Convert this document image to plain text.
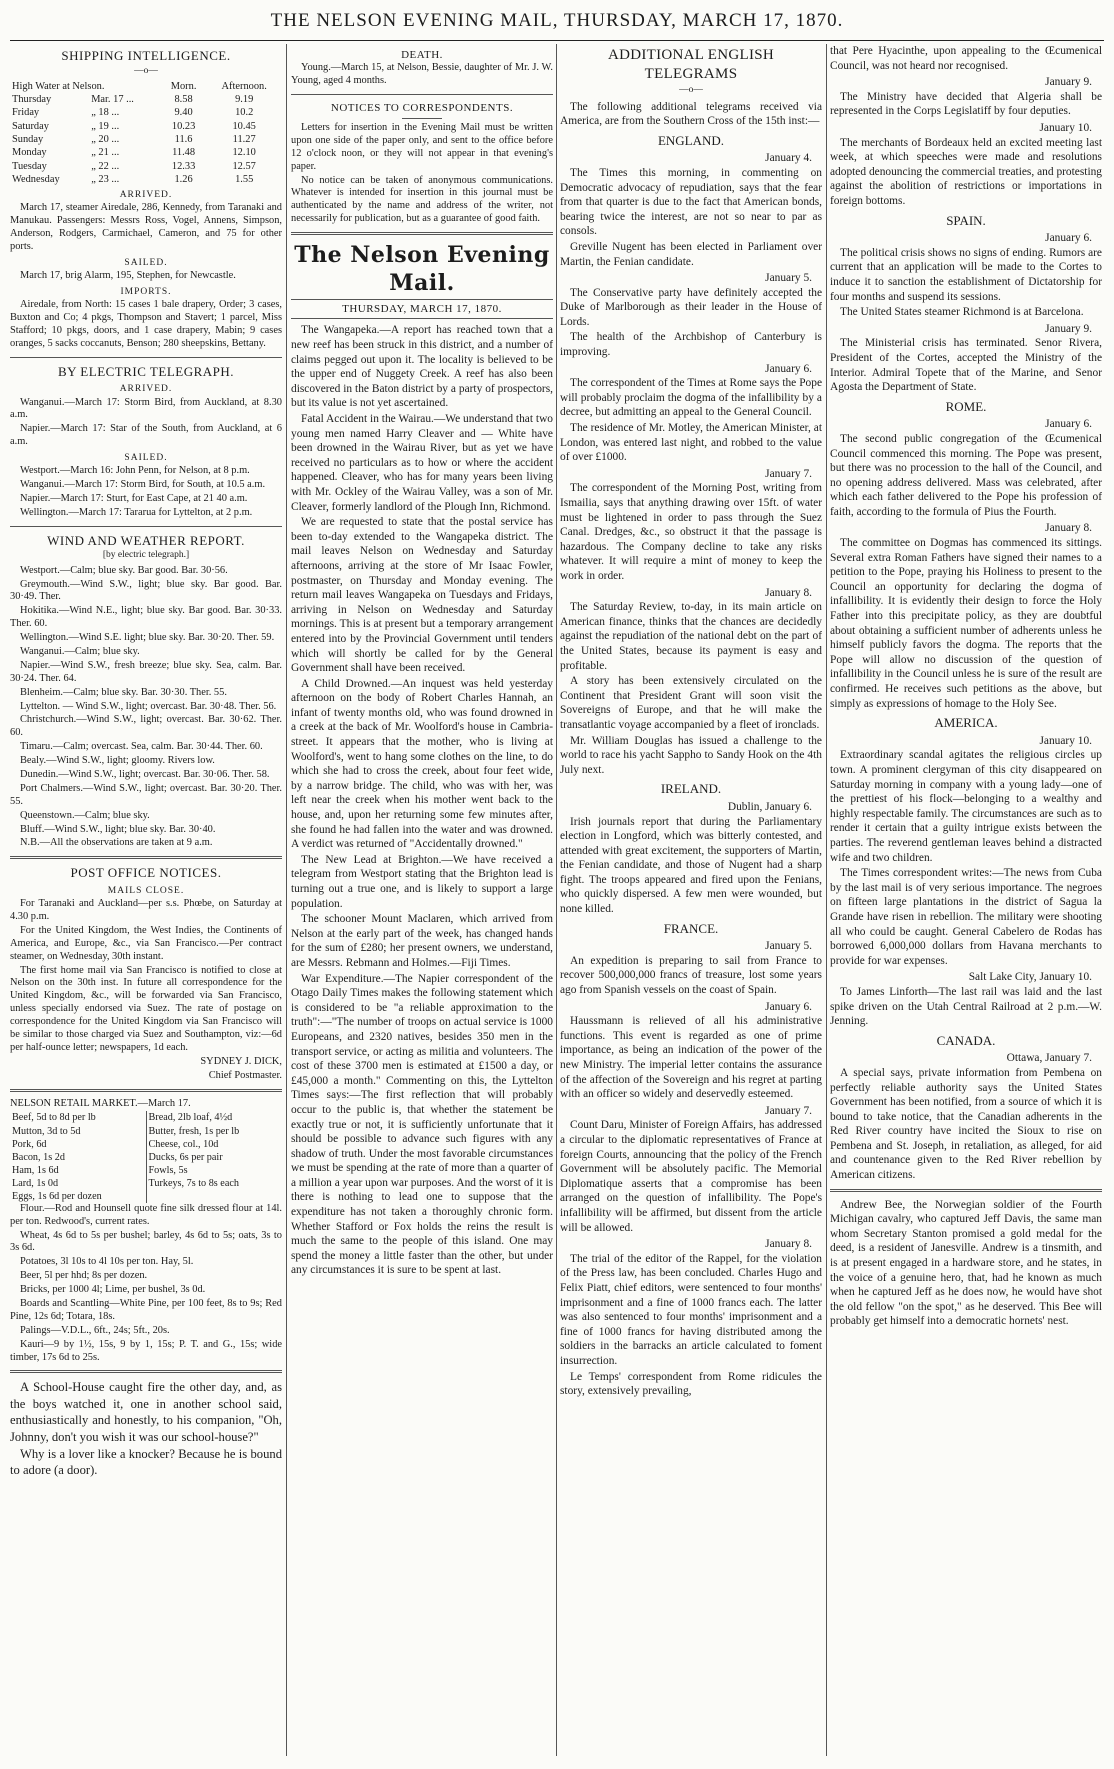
THE NELSON EVENING MAIL, THURSDAY, MARCH 17, 1870.
SHIPPING INTELLIGENCE.
—o—
High Water at Nelson.		Morn.	Afternoon.
Thursday	Mar. 17 ...	8.58	9.19
Friday	„ 18 ...	9.40	10.2
Saturday	„ 19 ...	10.23	10.45
Sunday	„ 20 ...	11.6	11.27
Monday	„ 21 ...	11.48	12.10
Tuesday	„ 22 ...	12.33	12.57
Wednesday	„ 23 ...	1.26	1.55
ARRIVED.

March 17, steamer Airedale, 286, Kennedy, from Taranaki and Manukau. Passengers: Messrs Ross, Vogel, Annens, Simpson, Anderson, Rodgers, Carmichael, Cameron, and 75 for other ports.

SAILED.

March 17, brig Alarm, 195, Stephen, for Newcastle.

IMPORTS.

Airedale, from North: 15 cases 1 bale drapery, Order; 3 cases, Buxton and Co; 4 pkgs, Thompson and Stavert; 1 parcel, Miss Stafford; 10 pkgs, doors, and 1 case drapery, Mabin; 9 cases oranges, 5 sacks coccanuts, Benson; 280 sheepskins, Bettany.

BY ELECTRIC TELEGRAPH.
ARRIVED.

Wanganui.—March 17: Storm Bird, from Auckland, at 8.30 a.m.

Napier.—March 17: Star of the South, from Auckland, at 6 a.m.

SAILED.

Westport.—March 16: John Penn, for Nelson, at 8 p.m.

Wanganui.—March 17: Storm Bird, for South, at 10.5 a.m.

Napier.—March 17: Sturt, for East Cape, at 21 40 a.m.

Wellington.—March 17: Tararua for Lyttelton, at 2 p.m.

WIND AND WEATHER REPORT.
[by electric telegraph.]

Westport.—Calm; blue sky. Bar good. Bar. 30·56.

Greymouth.—Wind S.W., light; blue sky. Bar good. Bar. 30·49. Ther.

Hokitika.—Wind N.E., light; blue sky. Bar good. Bar. 30·33. Ther. 60.

Wellington.—Wind S.E. light; blue sky. Bar. 30·20. Ther. 59.

Wanganui.—Calm; blue sky.

Napier.—Wind S.W., fresh breeze; blue sky. Sea, calm. Bar. 30·24. Ther. 64.

Blenheim.—Calm; blue sky. Bar. 30·30. Ther. 55.

Lyttelton. — Wind S.W., light; overcast. Bar. 30·48. Ther. 56.

Christchurch.—Wind S.W., light; overcast. Bar. 30·62. Ther. 60.

Timaru.—Calm; overcast. Sea, calm. Bar. 30·44. Ther. 60.

Bealy.—Wind S.W., light; gloomy. Rivers low.

Dunedin.—Wind S.W., light; overcast. Bar. 30·06. Ther. 58.

Port Chalmers.—Wind S.W., light; overcast. Bar. 30·20. Ther. 55.

Queenstown.—Calm; blue sky.

Bluff.—Wind S.W., light; blue sky. Bar. 30·40.

N.B.—All the observations are taken at 9 a.m.

POST OFFICE NOTICES.
MAILS CLOSE.

For Taranaki and Auckland—per s.s. Phœbe, on Saturday at 4.30 p.m.

For the United Kingdom, the West Indies, the Continents of America, and Europe, &c., via San Francisco.—Per contract steamer, on Wednesday, 30th instant.

The first home mail via San Francisco is notified to close at Nelson on the 30th inst. In future all correspondence for the United Kingdom, &c., will be forwarded via San Francisco, unless specially endorsed via Suez. The rate of postage on correspondence for the United Kingdom via San Francisco will be similar to those charged via Suez and Southampton, viz:—6d per half-ounce letter; newspapers, 1d each.

SYDNEY J. DICK,

Chief Postmaster.

NELSON RETAIL MARKET.—March 17.

Beef, 5d to 8d per lb	Bread, 2lb loaf, 4½d
Mutton, 3d to 5d	Butter, fresh, 1s per lb
Pork, 6d	Cheese, col., 10d
Bacon, 1s 2d	Ducks, 6s per pair
Ham, 1s 6d	Fowls, 5s
Lard, 1s 0d	Turkeys, 7s to 8s each
Eggs, 1s 6d per dozen	

Flour.—Rod and Hounsell quote fine silk dressed flour at 14l. per ton. Redwood's, current rates.

Wheat, 4s 6d to 5s per bushel; barley, 4s 6d to 5s; oats, 3s to 3s 6d.

Potatoes, 3l 10s to 4l 10s per ton. Hay, 5l.

Beer, 5l per hhd; 8s per dozen.

Bricks, per 1000 4l; Lime, per bushel, 3s 0d.

Boards and Scantling—White Pine, per 100 feet, 8s to 9s; Red Pine, 12s 6d; Totara, 18s.

Palings—V.D.L., 6ft., 24s; 5ft., 20s.

Kauri—9 by 1½, 15s, 9 by 1, 15s; P. T. and G., 15s; wide timber, 17s 6d to 25s.

A School-House caught fire the other day, and, as the boys watched it, one in another school said, enthusiastically and honestly, to his companion, "Oh, Johnny, don't you wish it was our school-house?"

Why is a lover like a knocker? Because he is bound to adore (a door).

DEATH.

Young.—March 15, at Nelson, Bessie, daughter of Mr. J. W. Young, aged 4 months.

NOTICES TO CORRESPONDENTS.

Letters for insertion in the Evening Mail must be written upon one side of the paper only, and sent to the office before 12 o'clock noon, or they will not appear in that evening's paper.

No notice can be taken of anonymous communications. Whatever is intended for insertion in this journal must be authenticated by the name and address of the writer, not necessarily for publication, but as a guarantee of good faith.

The Nelson Evening Mail.
THURSDAY, MARCH 17, 1870.

The Wangapeka.—A report has reached town that a new reef has been struck in this district, and a number of claims pegged out upon it. The locality is believed to be the upper end of Nuggety Creek. A reef has also been discovered in the Baton district by a party of prospectors, but its value is not yet ascertained.

Fatal Accident in the Wairau.—We understand that two young men named Harry Cleaver and — White have been drowned in the Wairau River, but as yet we have received no particulars as to how or where the accident happened. Cleaver, who has for many years been living with Mr. Ockley of the Wairau Valley, was a son of Mr. Cleaver, formerly landlord of the Plough Inn, Richmond.

We are requested to state that the postal service has been to-day extended to the Wangapeka district. The mail leaves Nelson on Wednesday and Saturday afternoons, arriving at the store of Mr Isaac Fowler, postmaster, on Thursday and Monday evening. The return mail leaves Wangapeka on Tuesdays and Fridays, arriving in Nelson on Wednesday and Saturday mornings. This is at present but a temporary arrangement entered into by the Provincial Government until tenders which will shortly be called for by the General Government shall have been received.

A Child Drowned.—An inquest was held yesterday afternoon on the body of Robert Charles Hannah, an infant of twenty months old, who was found drowned in a creek at the back of Mr. Woolford's house in Cambria-street. It appears that the mother, who is living at Woolford's, went to hang some clothes on the line, to do which she had to cross the creek, about four feet wide, by a narrow bridge. The child, who was with her, was left near the creek when his mother went back to the house, and, upon her returning some few minutes after, she found he had fallen into the water and was drowned. A verdict was returned of "Accidentally drowned."

The New Lead at Brighton.—We have received a telegram from Westport stating that the Brighton lead is turning out a true one, and is likely to support a large population.

The schooner Mount Maclaren, which arrived from Nelson at the early part of the week, has changed hands for the sum of £280; her present owners, we understand, are Messrs. Rebmann and Holmes.—Fiji Times.

War Expenditure.—The Napier correspondent of the Otago Daily Times makes the following statement which is considered to be "a reliable approximation to the truth":—"The number of troops on actual service is 1000 Europeans, and 2320 natives, besides 350 men in the transport service, or acting as militia and volunteers. The cost of these 3700 men is estimated at £1500 a day, or £45,000 a month." Commenting on this, the Lyttelton Times says:—The first reflection that will probably occur to the public is, that whether the statement be exactly true or not, it is sufficiently unfortunate that it should be possible to advance such figures with any shadow of truth. Under the most favorable circumstances we must be spending at the rate of more than a quarter of a million a year upon war purposes. And the worst of it is there is nothing to lead one to suppose that the expenditure has not taken a thoroughly chronic form. Whether Stafford or Fox holds the reins the result is much the same to the people of this island. One may spend the money a little faster than the other, but under any circumstances it is sure to be spent at last.

ADDITIONAL ENGLISH TELEGRAMS
—o—

The following additional telegrams received via America, are from the Southern Cross of the 15th inst:—

ENGLAND.

January 4.

The Times this morning, in commenting on Democratic advocacy of repudiation, says that the fear from that quarter is due to the fact that American bonds, bearing twice the interest, are not so near to par as consols.

Greville Nugent has been elected in Parliament over Martin, the Fenian candidate.

January 5.

The Conservative party have definitely accepted the Duke of Marlborough as their leader in the House of Lords.

The health of the Archbishop of Canterbury is improving.

January 6.

The correspondent of the Times at Rome says the Pope will probably proclaim the dogma of the infallibility by a decree, but admitting an appeal to the General Council.

The residence of Mr. Motley, the American Minister, at London, was entered last night, and robbed to the value of over £1000.

January 7.

The correspondent of the Morning Post, writing from Ismailia, says that anything drawing over 15ft. of water must be lightened in order to pass through the Suez Canal. Dredges, &c., so obstruct it that the passage is hazardous. The Company decline to take any risks whatever. It will require a mint of money to keep the work in order.

January 8.

The Saturday Review, to-day, in its main article on American finance, thinks that the chances are decidedly against the repudiation of the national debt on the part of the United States, because its payment is easy and profitable.

A story has been extensively circulated on the Continent that President Grant will soon visit the Sovereigns of Europe, and that he will make the transatlantic voyage accompanied by a fleet of ironclads.

Mr. William Douglas has issued a challenge to the world to race his yacht Sappho to Sandy Hook on the 4th July next.

IRELAND.

Dublin, January 6.

Irish journals report that during the Parliamentary election in Longford, which was bitterly contested, and attended with great excitement, the supporters of Martin, the Fenian candidate, and those of Nugent had a sharp fight. The troops appeared and fired upon the Fenians, who quickly dispersed. A few men were wounded, but none killed.

FRANCE.

January 5.

An expedition is preparing to sail from France to recover 500,000,000 francs of treasure, lost some years ago from Spanish vessels on the coast of Spain.

January 6.

Haussmann is relieved of all his administrative functions. This event is regarded as one of prime importance, as being an indication of the power of the new Ministry. The imperial letter contains the assurance of the affection of the Sovereign and his regret at parting with an officer so widely and deservedly esteemed.

January 7.

Count Daru, Minister of Foreign Affairs, has addressed a circular to the diplomatic representatives of France at foreign Courts, announcing that the policy of the French Government will be absolutely pacific. The Memorial Diplomatique asserts that a compromise has been arranged on the question of infallibility. The Pope's infallibility will be affirmed, but dissent from the article will be allowed.

January 8.

The trial of the editor of the Rappel, for the violation of the Press law, has been concluded. Charles Hugo and Felix Piatt, chief editors, were sentenced to four months' imprisonment and a fine of 1000 francs each. The latter was also sentenced to four months' imprisonment and a fine of 1000 francs for having distributed among the soldiers in the barracks an article calculated to foment insurrection.

Le Temps' correspondent from Rome ridicules the story, extensively prevailing,

that Pere Hyacinthe, upon appealing to the Œcumenical Council, was not heard nor recognised.

January 9.

The Ministry have decided that Algeria shall be represented in the Corps Legislatiff by four deputies.

January 10.

The merchants of Bordeaux held an excited meeting last week, at which speeches were made and resolutions adopted denouncing the commercial treaties, and protesting against the abolition of restrictions or importations in foreign bottoms.

SPAIN.

January 6.

The political crisis shows no signs of ending. Rumors are current that an application will be made to the Cortes to induce it to sanction the establishment of Dictatorship for four months and suspend its sessions.

The United States steamer Richmond is at Barcelona.

January 9.

The Ministerial crisis has terminated. Senor Rivera, President of the Cortes, accepted the Ministry of the Interior. Admiral Topete that of the Marine, and Senor Agosta the Department of State.

ROME.

January 6.

The second public congregation of the Œcumenical Council commenced this morning. The Pope was present, but there was no procession to the hall of the Council, and no opening address delivered. Mass was celebrated, after which each father delivered to the Pope his profession of faith, according to the formula of Pius the Fourth.

January 8.

The committee on Dogmas has commenced its sittings. Several extra Roman Fathers have signed their names to a petition to the Pope, praying his Holiness to present to the Council an opportunity for declaring the dogma of infallibility. It is evidently their design to force the Holy Father into this precipitate policy, as they are doubtful about obtaining a sufficient number of adherents unless he himself publicly favors the dogma. The reports that the Pope will allow no discussion of the question of infallibility in the Council unless he is sure of the result are confirmed. He receives such petitions as the above, but simply as expressions of homage to the Holy See.

AMERICA.

January 10.

Extraordinary scandal agitates the religious circles up town. A prominent clergyman of this city disappeared on Saturday morning in company with a young lady—one of the prettiest of his flock—belonging to a wealthy and highly respectable family. The circumstances are such as to render it certain that a guilty intrigue exists between the parties. The reverend gentleman leaves behind a distracted wife and two children.

The Times correspondent writes:—The news from Cuba by the last mail is of very serious importance. The negroes on fifteen large plantations in the district of Sagua la Grande have risen in rebellion. The military were shooting all who could be caught. General Cabelero de Rodas has borrowed 6,000,000 dollars from Havana merchants to provide for war expenses.

Salt Lake City, January 10.

To James Linforth—The last rail was laid and the last spike driven on the Utah Central Railroad at 2 p.m.—W. Jenning.

CANADA.

Ottawa, January 7.

A special says, private information from Pembena on perfectly reliable authority says the United States Government has been notified, from a source of which it is bound to take notice, that the Canadian adherents in the Red River country have incited the Sioux to rise on Pembena and St. Joseph, in retaliation, as alleged, for aid and countenance given to the Red River rebellion by American citizens.

Andrew Bee, the Norwegian soldier of the Fourth Michigan cavalry, who captured Jeff Davis, the same man whom Secretary Stanton promised a gold medal for the deed, is a resident of Janesville. Andrew is a tinsmith, and is at present engaged in a hardware store, and he states, in the voice of a genuine hero, that, had he known as much when he captured Jeff as he does now, he would have shot the old fellow "on the spot," as he deserved. This Bee will probably get himself into a democratic hornets' nest.
